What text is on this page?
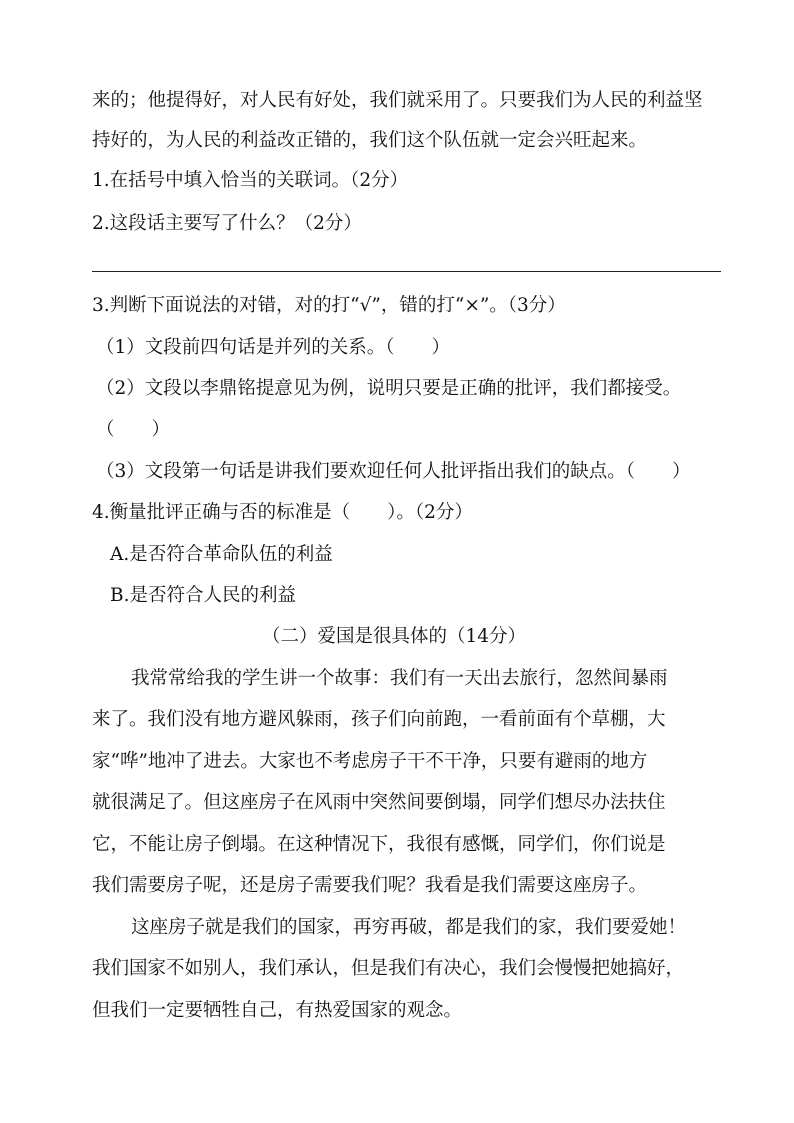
来的；他提得好，对人民有好处，我们就采用了。只要我们为人民的利益坚
持好的，为人民的利益改正错的，我们这个队伍就一定会兴旺起来。
1.在括号中填入恰当的关联词。（2分）
2.这段话主要写了什么？（2分）
3.判断下面说法的对错，对的打“√”，错的打“×”。（3分）
（1）文段前四句话是并列的关系。（　　）
（2）文段以李鼎铭提意见为例，说明只要是正确的批评，我们都接受。
（　　）
（3）文段第一句话是讲我们要欢迎任何人批评指出我们的缺点。（　　）
4.衡量批评正确与否的标准是（　　）。（2分）
A.是否符合革命队伍的利益
B.是否符合人民的利益
（二）爱国是很具体的（14分）
我常常给我的学生讲一个故事：我们有一天出去旅行，忽然间暴雨
来了。我们没有地方避风躲雨，孩子们向前跑，一看前面有个草棚，大
家“哗”地冲了进去。大家也不考虑房子干不干净，只要有避雨的地方
就很满足了。但这座房子在风雨中突然间要倒塌，同学们想尽办法扶住
它，不能让房子倒塌。在这种情况下，我很有感慨，同学们，你们说是
我们需要房子呢，还是房子需要我们呢？我看是我们需要这座房子。
这座房子就是我们的国家，再穷再破，都是我们的家，我们要爱她！
我们国家不如别人，我们承认，但是我们有决心，我们会慢慢把她搞好，
但我们一定要牺牲自己，有热爱国家的观念。
